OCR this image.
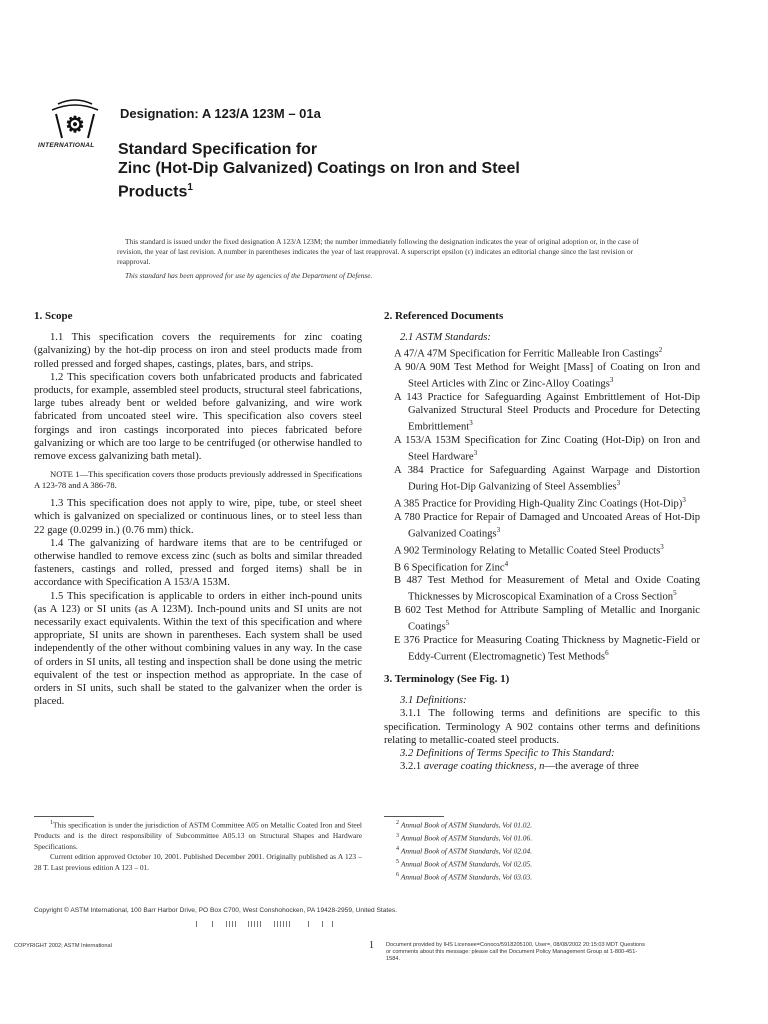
⚙
INTERNATIONAL
Designation: A 123/A 123M – 01a
Standard Specification for
Zinc (Hot-Dip Galvanized) Coatings on Iron and Steel
Products$^1$

This standard is issued under the fixed designation A 123/A 123M; the number immediately following the designation indicates the year of original adoption or, in the case of revision, the year of last revision. A number in parentheses indicates the year of last reapproval. A superscript epsilon (ε) indicates an editorial change since the last revision or reapproval.

This standard has been approved for use by agencies of the Department of Defense.

1. Scope

1.1 This specification covers the requirements for zinc coating (galvanizing) by the hot-dip process on iron and steel products made from rolled pressed and forged shapes, castings, plates, bars, and strips.

1.2 This specification covers both unfabricated products and fabricated products, for example, assembled steel products, structural steel fabrications, large tubes already bent or welded before galvanizing, and wire work fabricated from uncoated steel wire. This specification also covers steel forgings and iron castings incorporated into pieces fabricated before galvanizing or which are too large to be centrifuged (or otherwise handled to remove excess galvanizing bath metal).

NOTE 1—This specification covers those products previously addressed in Specifications A 123-78 and A 386-78.

1.3 This specification does not apply to wire, pipe, tube, or steel sheet which is galvanized on specialized or continuous lines, or to steel less than 22 gage (0.0299 in.) (0.76 mm) thick.

1.4 The galvanizing of hardware items that are to be centrifuged or otherwise handled to remove excess zinc (such as bolts and similar threaded fasteners, castings and rolled, pressed and forged items) shall be in accordance with Specification A 153/A 153M.

1.5 This specification is applicable to orders in either inch-pound units (as A 123) or SI units (as A 123M). Inch-pound units and SI units are not necessarily exact equivalents. Within the text of this specification and where appropriate, SI units are shown in parentheses. Each system shall be used independently of the other without combining values in any way. In the case of orders in SI units, all testing and inspection shall be done using the metric equivalent of the test or inspection method as appropriate. In the case of orders in SI units, such shall be stated to the galvanizer when the order is placed.

2. Referenced Documents

2.1 ASTM Standards:

A 47/A 47M Specification for Ferritic Malleable Iron Castings$^2$
A 90/A 90M Test Method for Weight [Mass] of Coating on Iron and Steel Articles with Zinc or Zinc-Alloy Coatings$^3$
A 143 Practice for Safeguarding Against Embrittlement of Hot-Dip Galvanized Structural Steel Products and Procedure for Detecting Embrittlement$^3$
A 153/A 153M Specification for Zinc Coating (Hot-Dip) on Iron and Steel Hardware$^3$
A 384 Practice for Safeguarding Against Warpage and Distortion During Hot-Dip Galvanizing of Steel Assemblies$^3$
A 385 Practice for Providing High-Quality Zinc Coatings $(Hot-Dip)^3$
A 780 Practice for Repair of Damaged and Uncoated Areas of Hot-Dip Galvanized Coatings$^3$
A 902 Terminology Relating to Metallic Coated Steel Products$^3$
B 6 Specification for Zinc$^4$
B 487 Test Method for Measurement of Metal and Oxide Coating Thicknesses by Microscopical Examination of a Cross Section$^5$
B 602 Test Method for Attribute Sampling of Metallic and Inorganic Coatings$^5$
E 376 Practice for Measuring Coating Thickness by Magnetic-Field or Eddy-Current (Electromagnetic) Test Methods$^6$
3. Terminology (See Fig. 1)

3.1 Definitions:

3.1.1 The following terms and definitions are specific to this specification. Terminology A 902 contains other terms and definitions relating to metallic-coated steel products.

3.2 Definitions of Terms Specific to This Standard:

3.2.1 average coating thickness, n—the average of three

$^1$This specification is under the jurisdiction of ASTM Committee A05 on Metallic Coated Iron and Steel Products and is the direct responsibility of Subcommittee A05.13 on Structural Shapes and Hardware Specifications.

Current edition approved October 10, 2001. Published December 2001. Originally published as A 123 – 28 T. Last previous edition A 123 – 01.

$^2$ Annual Book of ASTM Standards, Vol 01.02.
$^3$ Annual Book of ASTM Standards, Vol 01.06.
$^4$ Annual Book of ASTM Standards, Vol 02.04.
$^5$ Annual Book of ASTM Standards, Vol 02.05.
$^6$ Annual Book of ASTM Standards, Vol 03.03.
Copyright © ASTM International, 100 Barr Harbor Drive, PO Box C700, West Conshohocken, PA 19428-2959, United States.
COPYRIGHT 2002; ASTM International	1 Document provided by IHS Licensee=Conoco/5918205100, User=, 08/08/2002 20:15:03 MDT Questions or comments about this message: please call the Document Policy Management Group at 1-800-451-1584.
